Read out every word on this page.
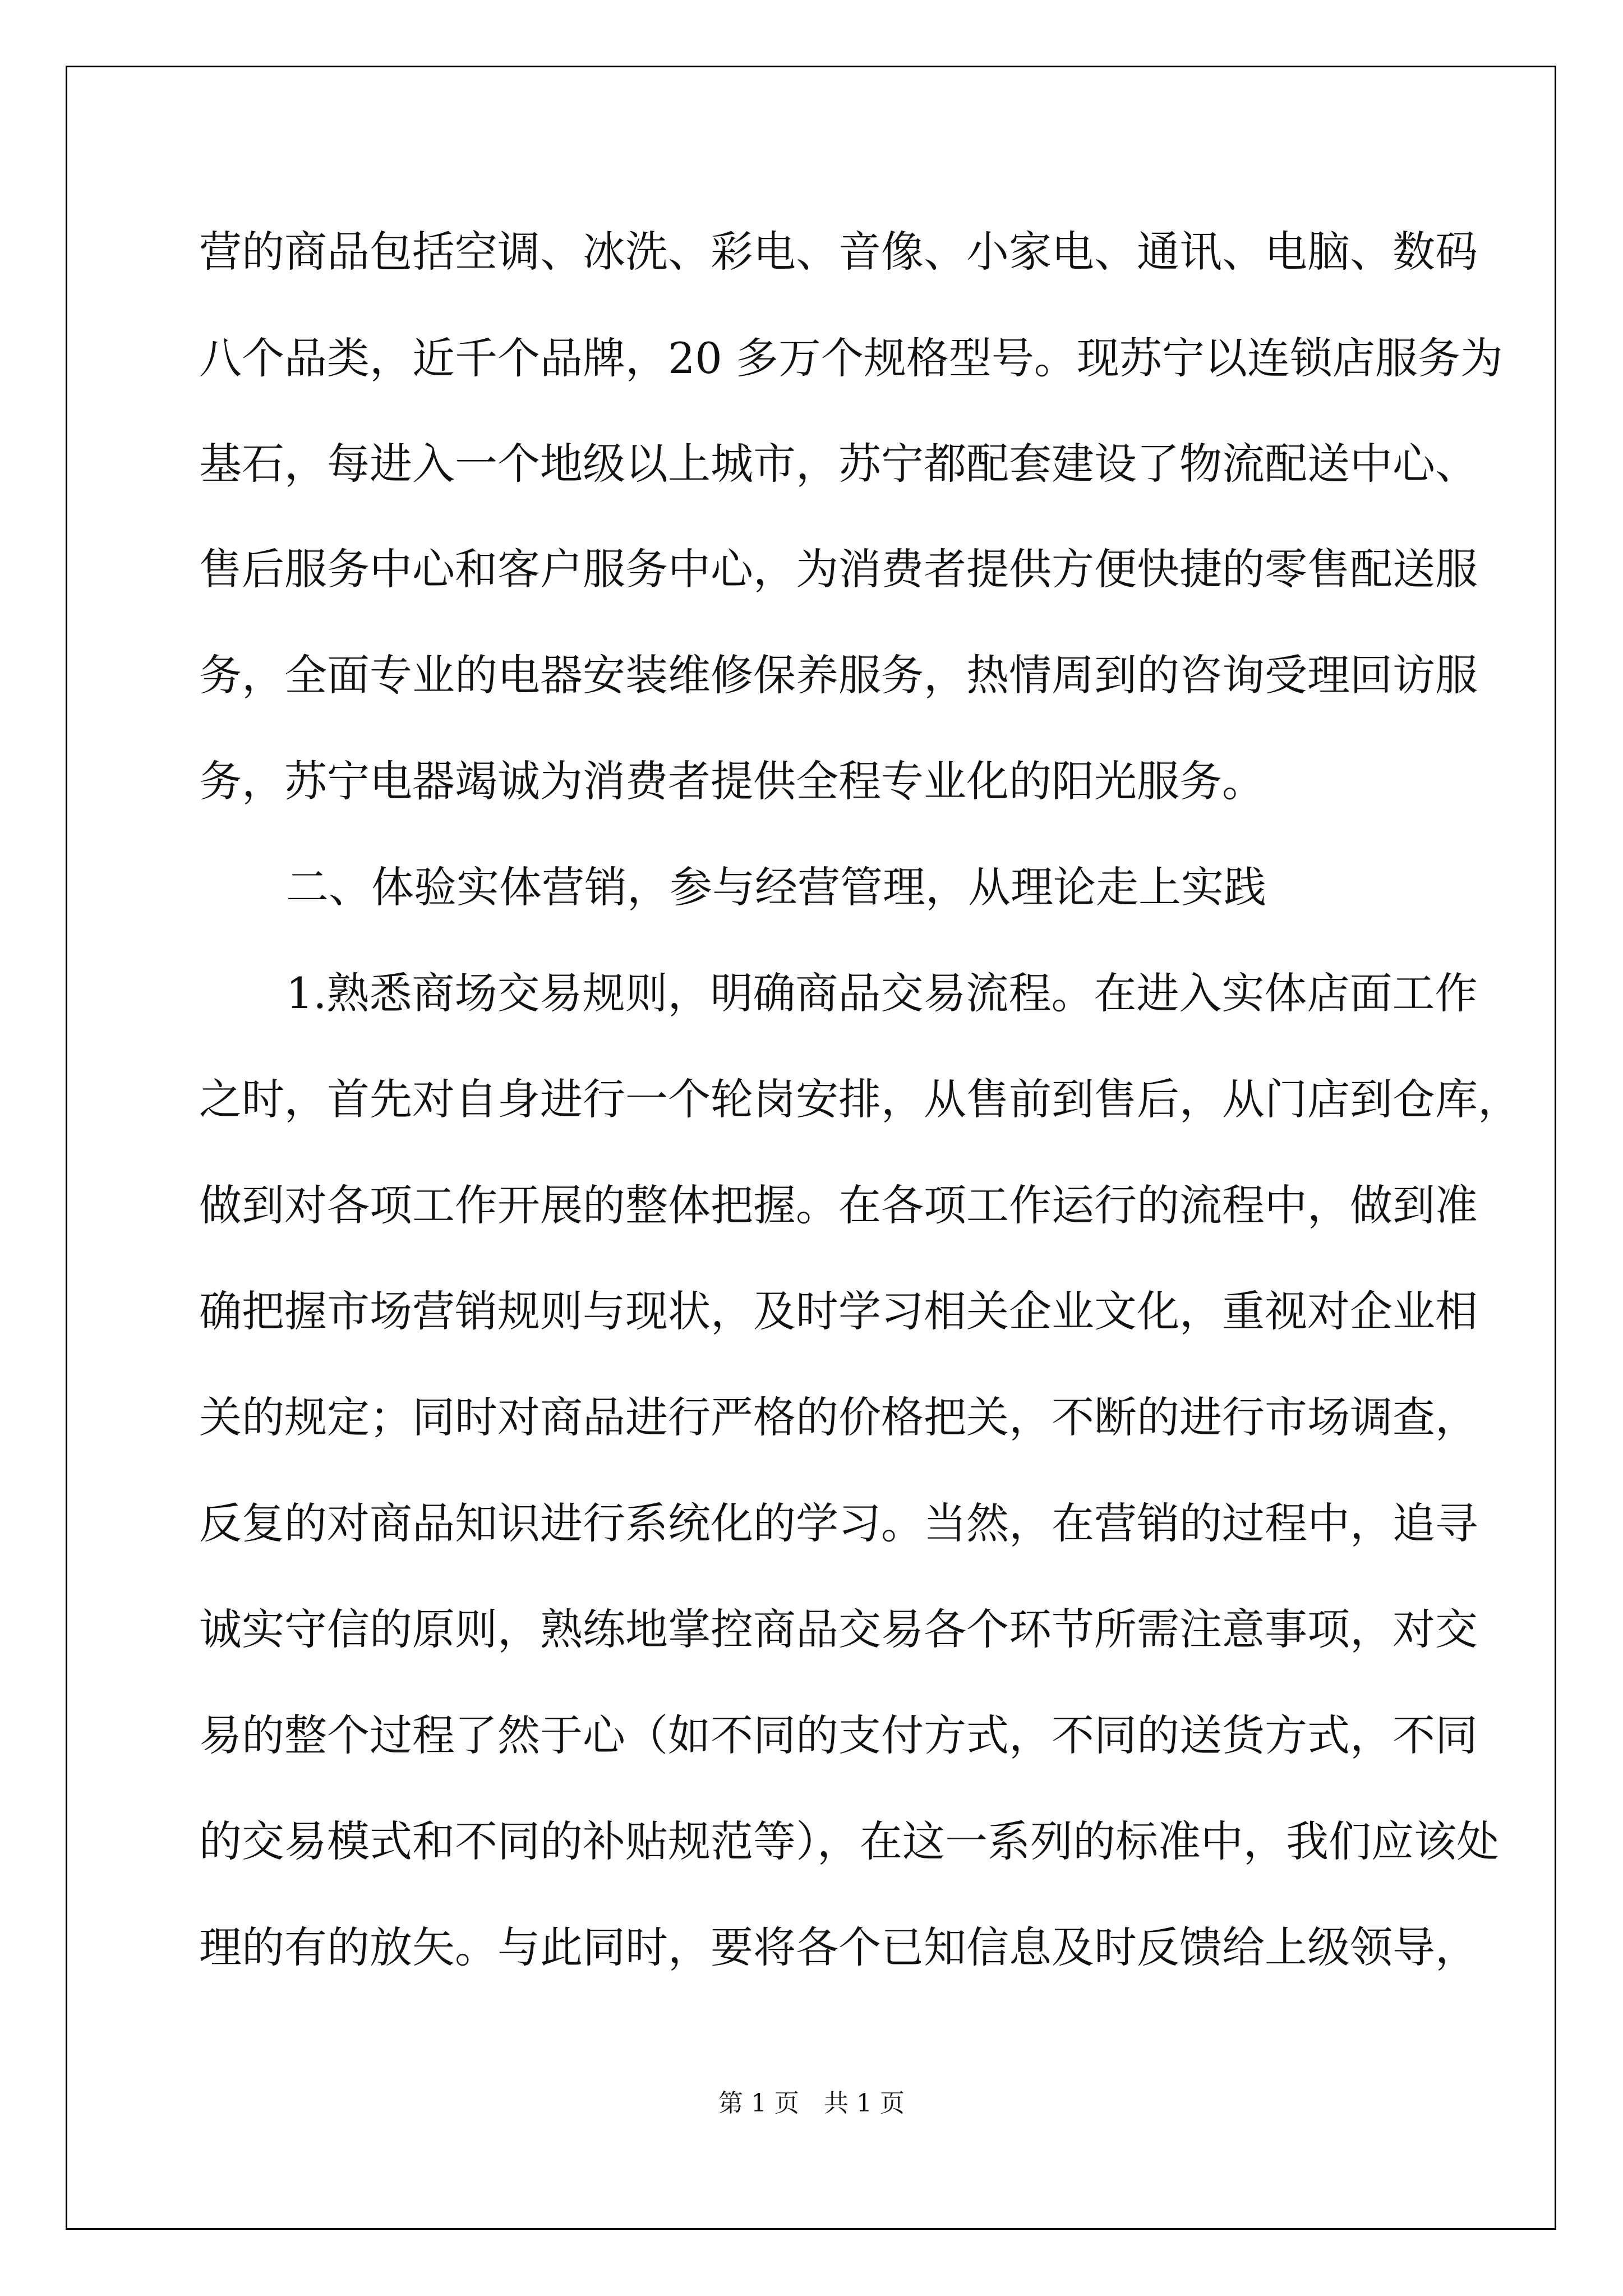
营的商品包括空调、冰洗、彩电、音像、小家电、通讯、电脑、数码

八个品类，近千个品牌，20 多万个规格型号。现苏宁以连锁店服务为

基石，每进入一个地级以上城市，苏宁都配套建设了物流配送中心、

售后服务中心和客户服务中心，为消费者提供方便快捷的零售配送服

务，全面专业的电器安装维修保养服务，热情周到的咨询受理回访服

务，苏宁电器竭诚为消费者提供全程专业化的阳光服务。

二、体验实体营销，参与经营管理，从理论走上实践

1.熟悉商场交易规则，明确商品交易流程。在进入实体店面工作

之时，首先对自身进行一个轮岗安排，从售前到售后，从门店到仓库，

做到对各项工作开展的整体把握。在各项工作运行的流程中，做到准

确把握市场营销规则与现状，及时学习相关企业文化，重视对企业相

关的规定；同时对商品进行严格的价格把关，不断的进行市场调查，

反复的对商品知识进行系统化的学习。当然，在营销的过程中，追寻

诚实守信的原则，熟练地掌控商品交易各个环节所需注意事项，对交

易的整个过程了然于心（如不同的支付方式，不同的送货方式，不同

的交易模式和不同的补贴规范等），在这一系列的标准中，我们应该处

理的有的放矢。与此同时，要将各个已知信息及时反馈给上级领导，

第 1 页　共 1 页
